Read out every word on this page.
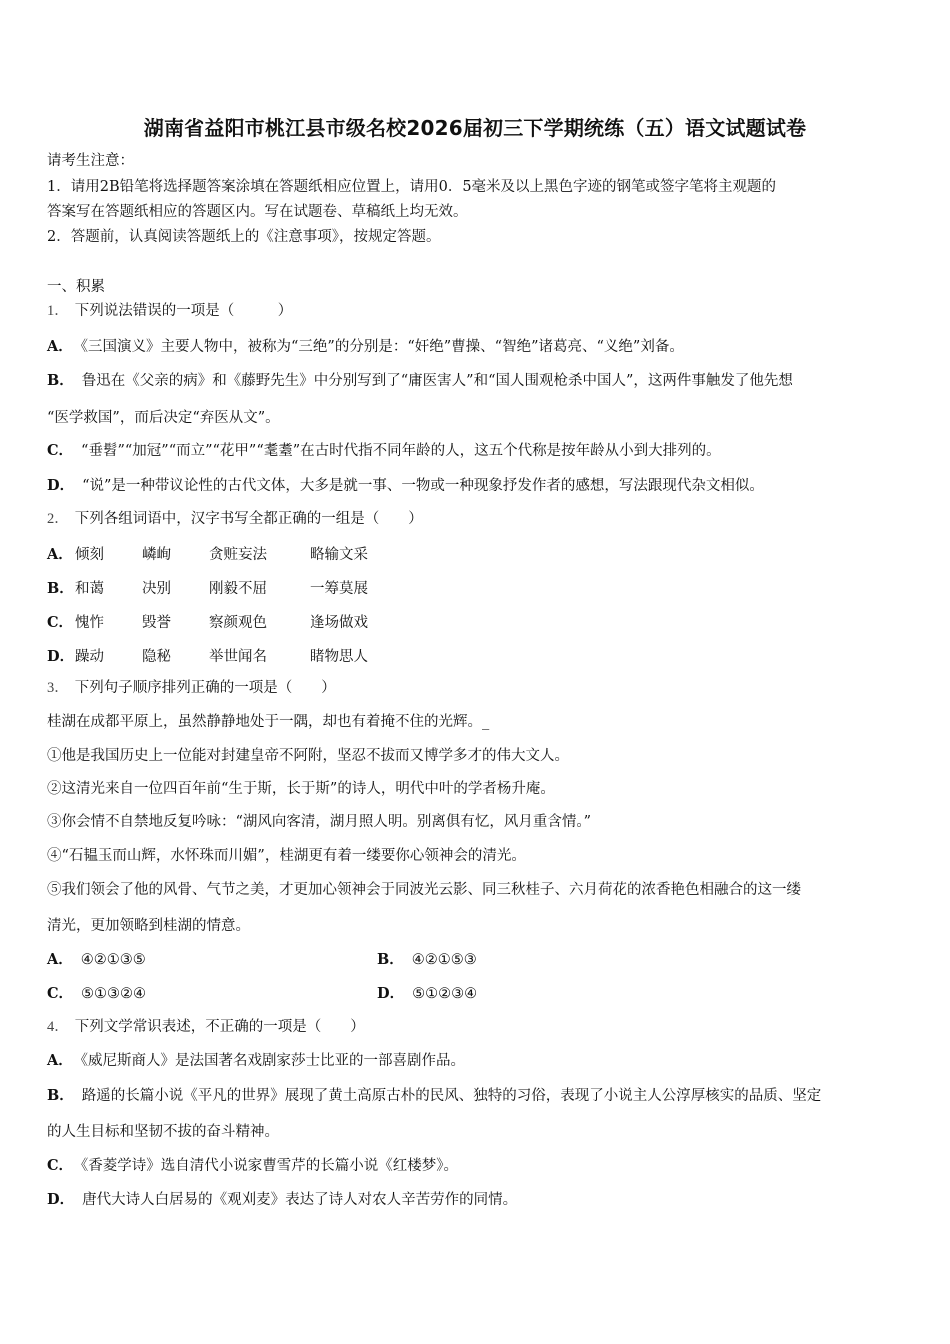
湖南省益阳市桃江县市级名校2026届初三下学期统练（五）语文试题试卷
请考生注意：
1．请用2B铅笔将选择题答案涂填在答题纸相应位置上，请用0．5毫米及以上黑色字迹的钢笔或签字笔将主观题的
答案写在答题纸相应的答题区内。写在试题卷、草稿纸上均无效。
2．答题前，认真阅读答题纸上的《注意事项》，按规定答题。
一、积累
1． 下列说法错误的一项是（　　　）
A． 《三国演义》主要人物中，被称为“三绝”的分别是：“奸绝”曹操、“智绝”诸葛亮、“义绝”刘备。
B． 鲁迅在《父亲的病》和《藤野先生》中分别写到了“庸医害人”和“国人围观枪杀中国人”，这两件事触发了他先想
“医学救国”，而后决定“弃医从文”。
C． “垂髫”“加冠”“而立”“花甲”“耄耋”在古时代指不同年龄的人，这五个代称是按年龄从小到大排列的。
D． “说”是一种带议论性的古代文体，大多是就一事、一物或一种现象抒发作者的感想，写法跟现代杂文相似。
2． 下列各组词语中，汉字书写全都正确的一组是（　　）
A． 倾刻	嶙峋	贪赃妄法	略输文采
B． 和蔼	决别	刚毅不屈	一筹莫展
C． 愧怍	毁誉	察颜观色	逢场做戏
D． 躁动	隐秘	举世闻名	睹物思人
3． 下列句子顺序排列正确的一项是（　　）
桂湖在成都平原上，虽然静静地处于一隅，却也有着掩不住的光辉。_
①他是我国历史上一位能对封建皇帝不阿附，坚忍不拔而又博学多才的伟大文人。
②这清光来自一位四百年前“生于斯，长于斯”的诗人，明代中叶的学者杨升庵。
③你会情不自禁地反复吟咏：“湖风向客清，湖月照人明。别离俱有忆，风月重含情。”
④“石韫玉而山辉，水怀珠而川媚”，桂湖更有着一缕要你心领神会的清光。
⑤我们领会了他的风骨、气节之美，才更加心领神会于同波光云影、同三秋桂子、六月荷花的浓香艳色相融合的这一缕
清光，更加领略到桂湖的情意。
A． ④②①③⑤	B． ④②①⑤③
C． ⑤①③②④	D． ⑤①②③④
4． 下列文学常识表述，不正确的一项是（　　）
A． 《威尼斯商人》是法国著名戏剧家莎士比亚的一部喜剧作品。
B． 路遥的长篇小说《平凡的世界》展现了黄土高原古朴的民风、独特的习俗，表现了小说主人公淳厚核实的品质、坚定
的人生目标和坚韧不拔的奋斗精神。
C． 《香菱学诗》选自清代小说家曹雪芹的长篇小说《红楼梦》。
D． 唐代大诗人白居易的《观刈麦》表达了诗人对农人辛苦劳作的同情。
